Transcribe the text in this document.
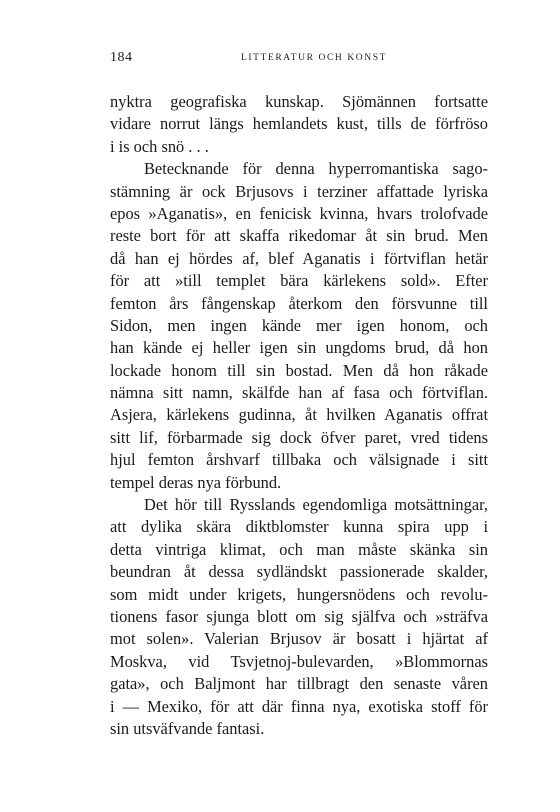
184	LITTERATUR OCH KONST
nyktra geografiska kunskap. Sjömännen fortsatte
vidare norrut längs hemlandets kust, tills de förfröso
i is och snö . . .
Betecknande för denna hyperromantiska sago-
stämning är ock Brjusovs i terziner affattade lyriska
epos »Aganatis», en fenicisk kvinna, hvars trolofvade
reste bort för att skaffa rikedomar åt sin brud. Men
då han ej hördes af, blef Aganatis i förtviflan hetär
för att »till templet bära kärlekens sold». Efter
femton års fångenskap återkom den försvunne till
Sidon, men ingen kände mer igen honom, och
han kände ej heller igen sin ungdoms brud, då hon
lockade honom till sin bostad. Men då hon råkade
nämna sitt namn, skälfde han af fasa och förtviflan.
Asjera, kärlekens gudinna, åt hvilken Aganatis offrat
sitt lif, förbarmade sig dock öfver paret, vred tidens
hjul femton årshvarf tillbaka och välsignade i sitt
tempel deras nya förbund.
Det hör till Rysslands egendomliga motsättningar,
att dylika skära diktblomster kunna spira upp i
detta vintriga klimat, och man måste skänka sin
beundran åt dessa sydländskt passionerade skalder,
som midt under krigets, hungersnödens och revolu-
tionens fasor sjunga blott om sig själfva och »sträfva
mot solen». Valerian Brjusov är bosatt i hjärtat af
Moskva, vid Tsvjetnoj-bulevarden, »Blommornas
gata», och Baljmont har tillbragt den senaste våren
i — Mexiko, för att där finna nya, exotiska stoff för
sin utsväfvande fantasi.
